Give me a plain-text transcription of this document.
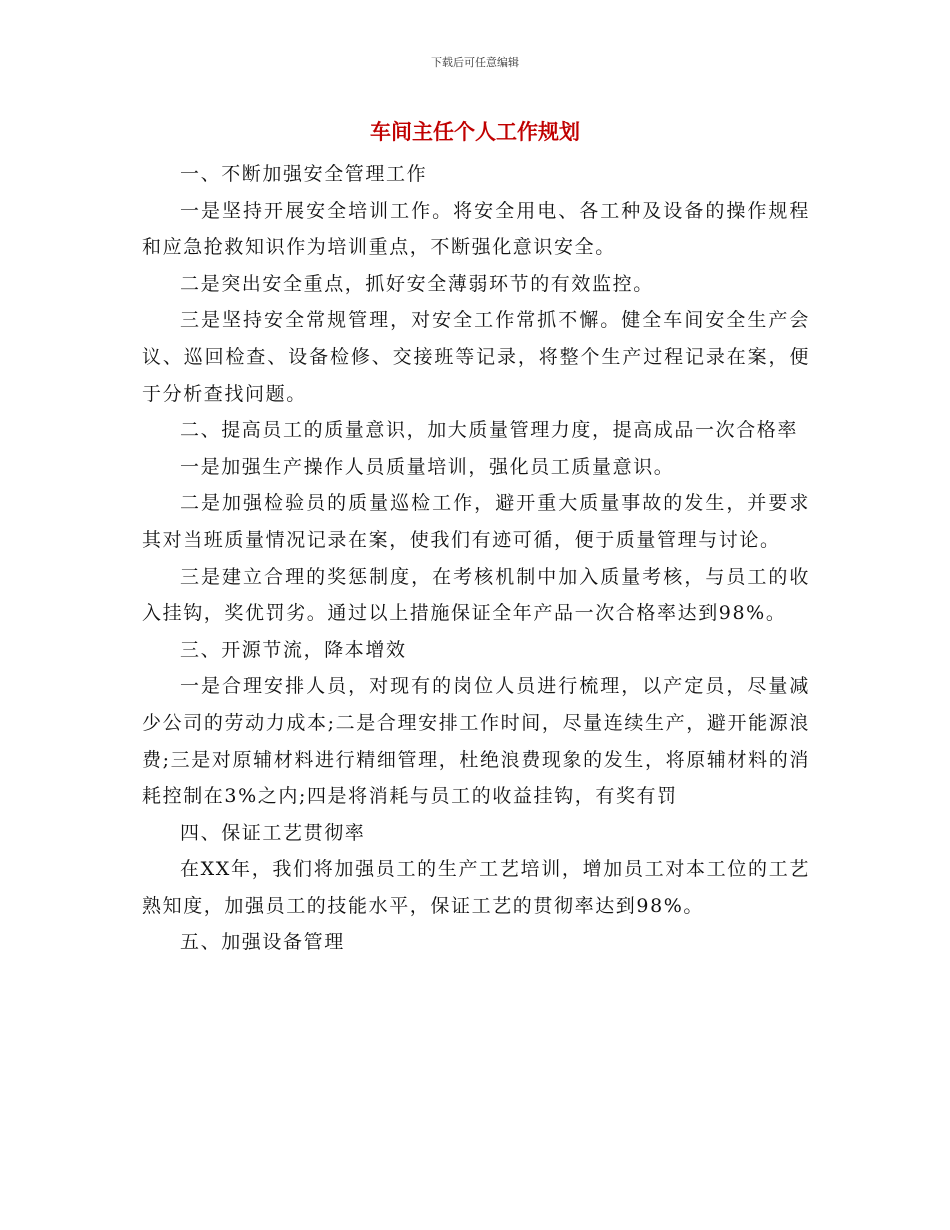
下载后可任意编辑
车间主任个人工作规划

一、不断加强安全管理工作

一是坚持开展安全培训工作。将安全用电、各工种及设备的操作规程和应急抢救知识作为培训重点，不断强化意识安全。

二是突出安全重点，抓好安全薄弱环节的有效监控。

三是坚持安全常规管理，对安全工作常抓不懈。健全车间安全生产会议、巡回检查、设备检修、交接班等记录，将整个生产过程记录在案，便于分析查找问题。

二、提高员工的质量意识，加大质量管理力度，提高成品一次合格率

一是加强生产操作人员质量培训，强化员工质量意识。

二是加强检验员的质量巡检工作，避开重大质量事故的发生，并要求其对当班质量情况记录在案，使我们有迹可循，便于质量管理与讨论。

三是建立合理的奖惩制度，在考核机制中加入质量考核，与员工的收入挂钩，奖优罚劣。通过以上措施保证全年产品一次合格率达到98%。

三、开源节流，降本增效

一是合理安排人员，对现有的岗位人员进行梳理，以产定员，尽量减少公司的劳动力成本;二是合理安排工作时间，尽量连续生产，避开能源浪费;三是对原辅材料进行精细管理，杜绝浪费现象的发生，将原辅材料的消耗控制在3%之内;四是将消耗与员工的收益挂钩，有奖有罚

四、保证工艺贯彻率

在XX年，我们将加强员工的生产工艺培训，增加员工对本工位的工艺熟知度，加强员工的技能水平，保证工艺的贯彻率达到98%。

五、加强设备管理
